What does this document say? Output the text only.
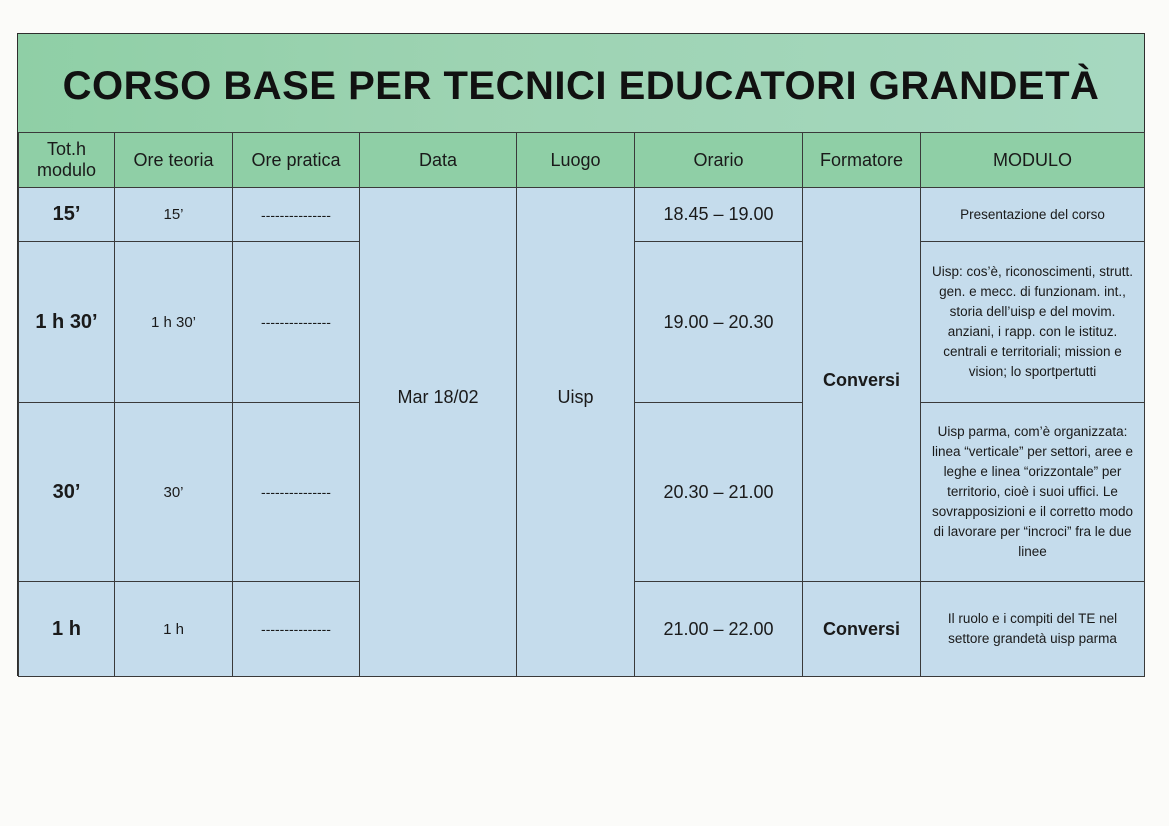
CORSO BASE PER TECNICI EDUCATORI GRANDETÀ
Tot.h modulo	Ore teoria	Ore pratica	Data	Luogo	Orario	Formatore	MODULO
15’	15’	---------------	Mar 18/02	Uisp	18.45 – 19.00	Conversi	Presentazione del corso
1 h 30’	1 h 30’	---------------			19.00 – 20.30		Uisp: cos’è, riconoscimenti, strutt. gen. e mecc. di funzionam. int., storia dell’uisp e del movim. anziani, i rapp. con le istituz. centrali e territoriali; mission e vision; lo sportpertutti
30’	30’	---------------			20.30 – 21.00		Uisp parma, com’è organizzata: linea “verticale” per settori, aree e leghe e linea “orizzontale” per territorio, cioè i suoi uffici. Le sovrapposizioni e il corretto modo di lavorare per “incroci” fra le due linee
1 h	1 h	---------------			21.00 – 22.00	Conversi	Il ruolo e i compiti del TE nel settore grandetà uisp parma
